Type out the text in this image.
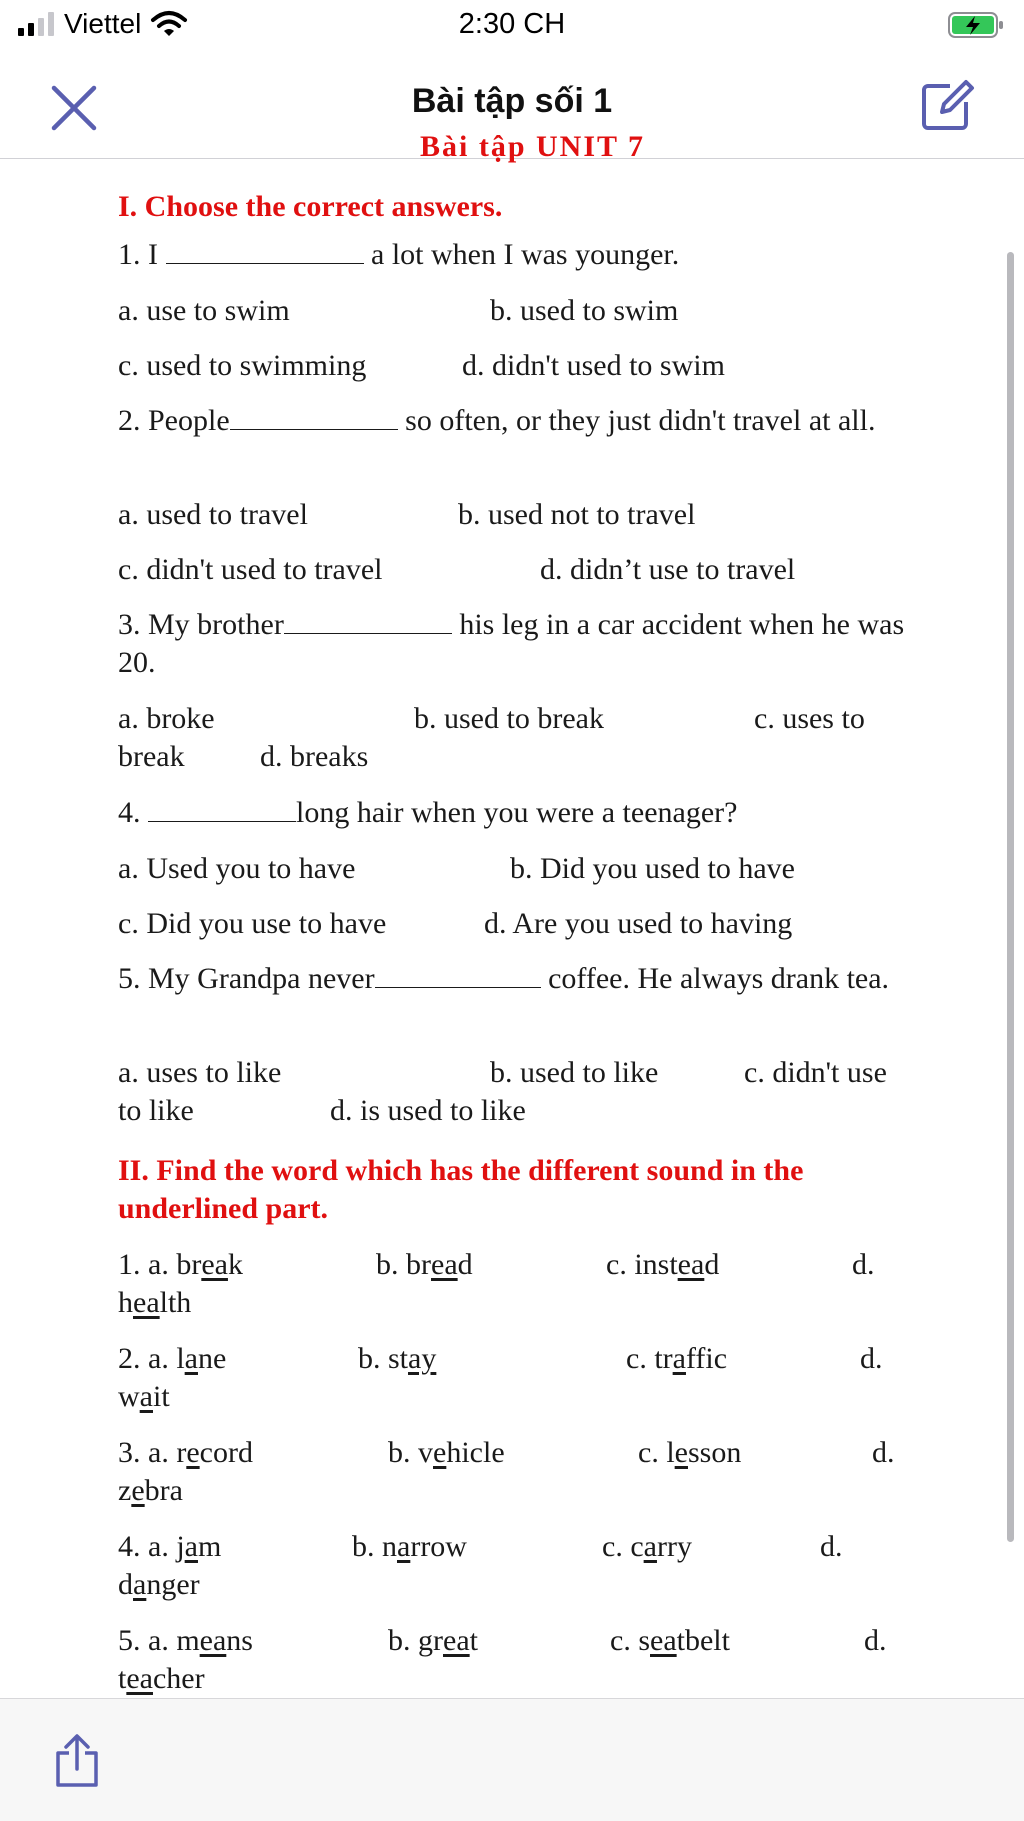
Viettel	2:30 CH
Bài tập sối 1
Bài tập UNIT 7
I. Choose the correct answers.
1. I	a lot when I was younger.
a. use to swim	b. used to swim
c. used to swimming	d. didn't used to swim
2. People	so often, or they just didn't travel at all.
a. used to travel	b. used not to travel
c. didn't used to travel	d. didn’t use to travel
3. My brother	his leg in a car accident when he was 20.
a. broke	b. used to break	c. uses to
break	d. breaks
4.	long hair when you were a teenager?
a. Used you to have	b. Did you used to have
c. Did you use to have	d. Are you used to having
5. My Grandpa never	coffee. He always drank tea.
a. uses to like	b. used to like	c. didn't use
to like	d. is used to like
II. Find the word which has the different sound in the underlined part.
1. a. break	b. bread	c. instead	d.
health
2. a. lane	b. stay	c. traffic	d.
wait
3. a. record	b. vehicle	c. lesson	d.
zebra
4. a. jam	b. narrow	c. carry	d.
danger
5. a. means	b. great	c. seatbelt	d.
teacher
